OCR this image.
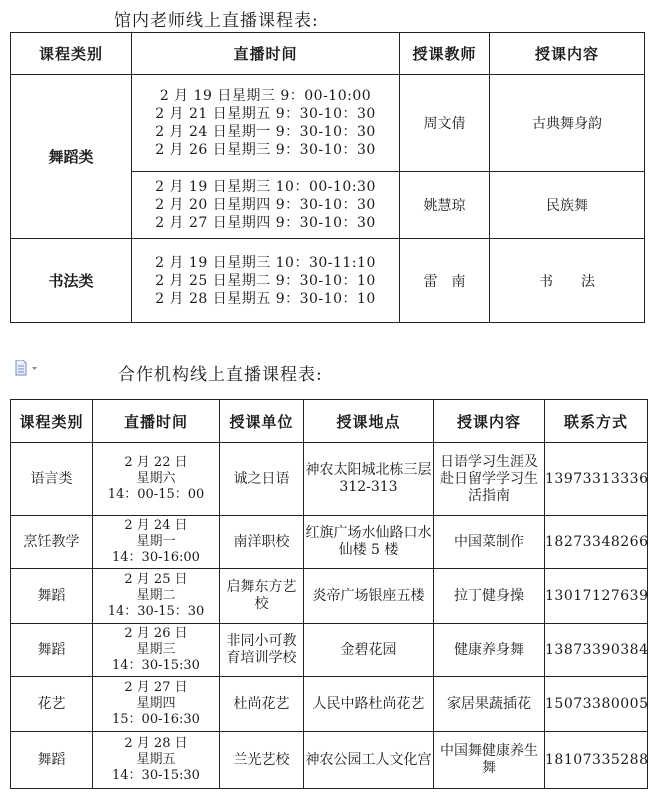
馆内老师线上直播课程表:
课程类别	直播时间	授课教师	授课内容
舞蹈类	2 月 19 日星期三 9：00-10:00
2 月 21 日星期五 9：30-10：30
2 月 24 日星期一 9：30-10：30
2 月 26 日星期三 9：30-10：30	周文倩	古典舞身韵

	2 月 19 日星期三 10：00-10:30
2 月 20 日星期四 9：30-10：30
2 月 27 日星期四 9：30-10：30	姚慧琼	民族舞
书法类	2 月 19 日星期三 10：30-11:10
2 月 25 日星期二 9：30-10：10
2 月 28 日星期五 9：30-10：10	雷　南	书　　法
合作机构线上直播课程表:
课程类别	直播时间	授课单位	授课地点	授课内容	联系方式
语言类	2 月 22 日
星期六
14：00-15：00	诚之日语	神农太阳城北栋三层 312-313	日语学习生涯及赴日留学学习生活指南	13973313336
烹饪教学	2 月 24 日
星期一
14：30-16:00	南洋职校	红旗广场水仙路口水仙楼 5 楼	中国菜制作	18273348266
舞蹈	2 月 25 日
星期二
14：30-15：30	启舞东方艺校	炎帝广场银座五楼	拉丁健身操	13017127639
舞蹈	2 月 26 日
星期三
14：30-15:30	非同小可教育培训学校	金碧花园	健康养身舞	13873390384
花艺	2 月 27 日
星期四
15：00-16:30	杜尚花艺	人民中路杜尚花艺	家居果蔬插花	15073380005
舞蹈	2 月 28 日
星期五
14：30-15:30	兰光艺校	神农公园工人文化宫	中国舞健康养生舞	18107335288
